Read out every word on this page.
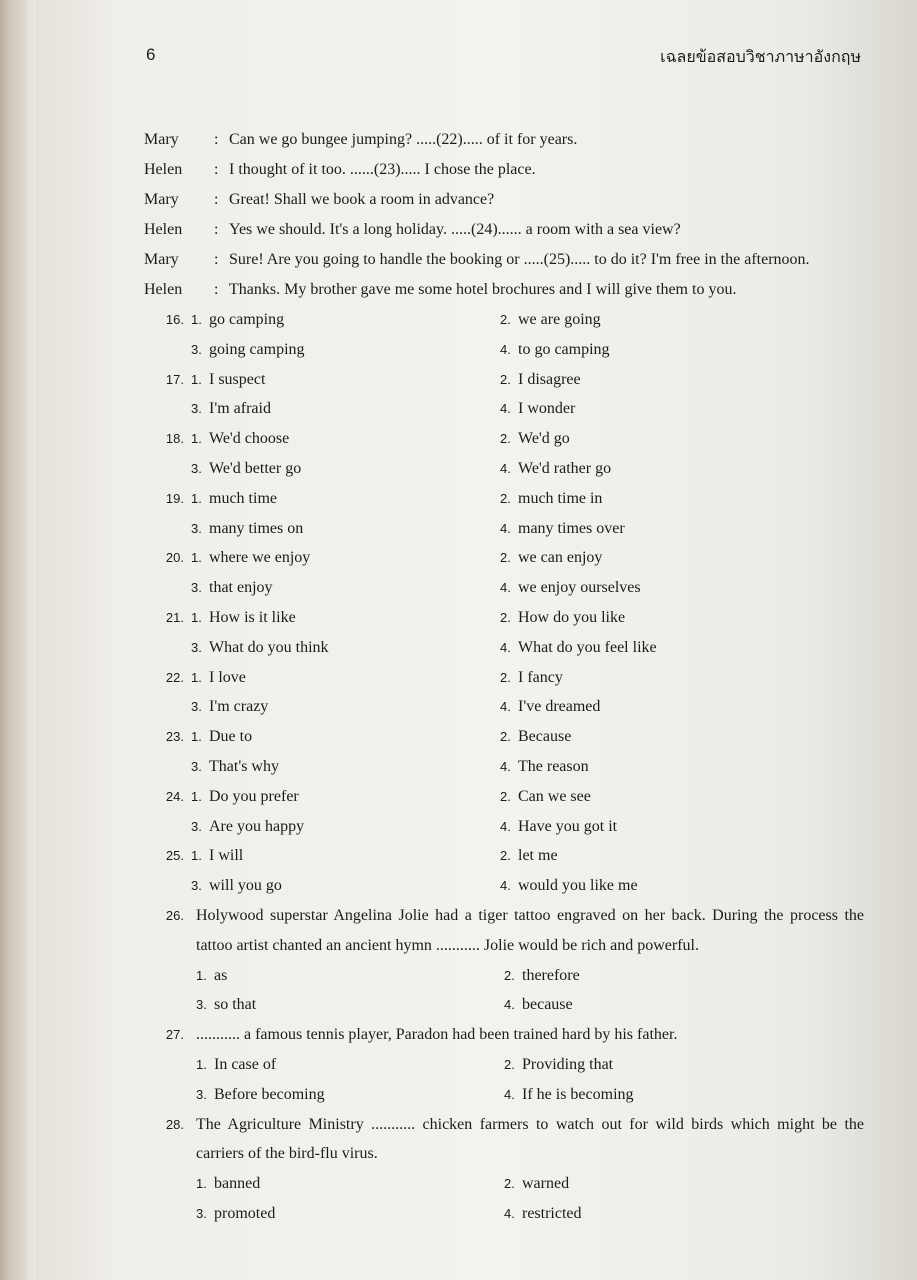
6	เฉลยข้อสอบวิชาภาษาอังกฤษ
Mary : Can we go bungee jumping? .....(22)..... of it for years.
Helen : I thought of it too. ......(23)..... I chose the place.
Mary : Great! Shall we book a room in advance?
Helen : Yes we should. It's a long holiday. .....(24)...... a room with a sea view?
Mary : Sure! Are you going to handle the booking or .....(25)..... to do it? I'm free in the afternoon.
Helen : Thanks. My brother gave me some hotel brochures and I will give them to you.
16. 1. go camping	2. we are going
3. going camping	4. to go camping
17. 1. I suspect	2. I disagree
3. I'm afraid	4. I wonder
18. 1. We'd choose	2. We'd go
3. We'd better go	4. We'd rather go
19. 1. much time	2. much time in
3. many times on	4. many times over
20. 1. where we enjoy	2. we can enjoy
3. that enjoy	4. we enjoy ourselves
21. 1. How is it like	2. How do you like
3. What do you think	4. What do you feel like
22. 1. I love	2. I fancy
3. I'm crazy	4. I've dreamed
23. 1. Due to	2. Because
3. That's why	4. The reason
24. 1. Do you prefer	2. Can we see
3. Are you happy	4. Have you got it
25. 1. I will	2. let me
3. will you go	4. would you like me
26. Holywood superstar Angelina Jolie had a tiger tattoo engraved on her back. During the process the
tattoo artist chanted an ancient hymn ........... Jolie would be rich and powerful.
1. as	2. therefore
3. so that	4. because
27. ........... a famous tennis player, Paradon had been trained hard by his father.
1. In case of	2. Providing that
3. Before becoming	4. If he is becoming
28. The Agriculture Ministry ........... chicken farmers to watch out for wild birds which might be the
carriers of the bird-flu virus.
1. banned	2. warned
3. promoted	4. restricted
